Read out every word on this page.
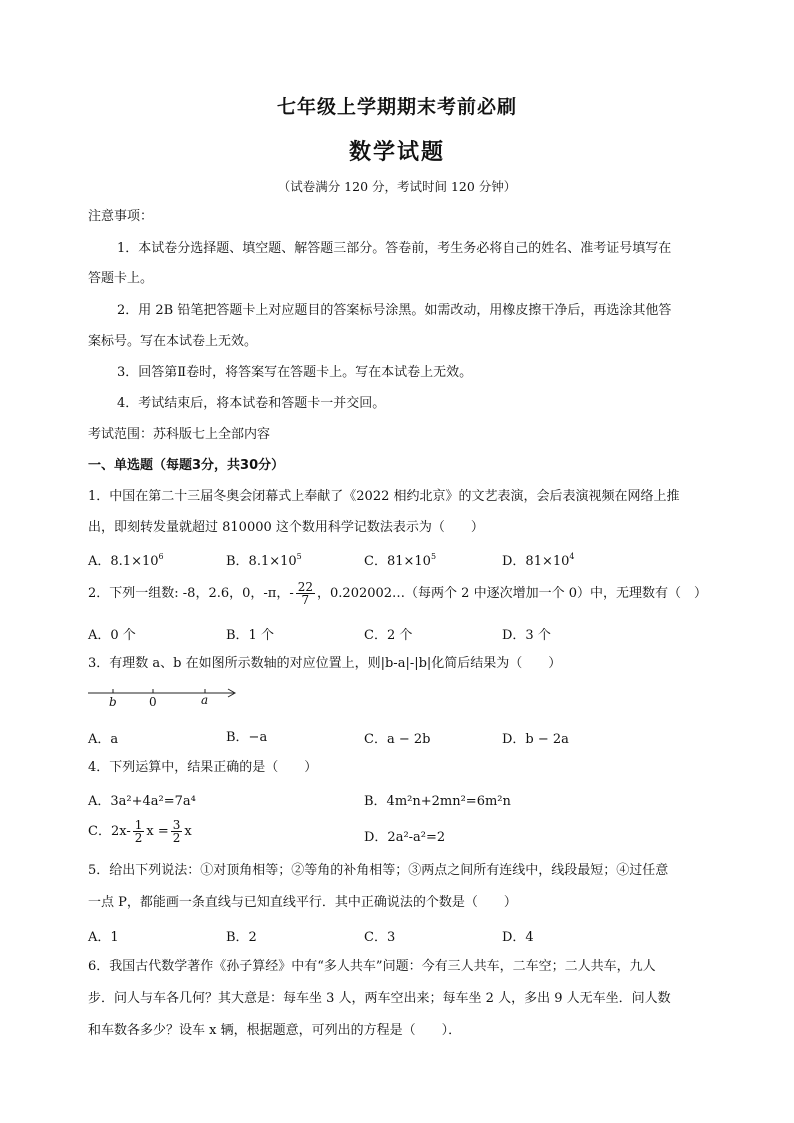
七年级上学期期末考前必刷
数学试题
（试卷满分 120 分，考试时间 120 分钟）
注意事项：
1．本试卷分选择题、填空题、解答题三部分。答卷前，考生务必将自己的姓名、准考证号填写在
答题卡上。
2．用 2B 铅笔把答题卡上对应题目的答案标号涂黑。如需改动，用橡皮擦干净后，再选涂其他答
案标号。写在本试卷上无效。
3．回答第Ⅱ卷时，将答案写在答题卡上。写在本试卷上无效。
4．考试结束后，将本试卷和答题卡一并交回。
考试范围：苏科版七上全部内容
一、单选题（每题3分，共30分）
1．中国在第二十三届冬奥会闭幕式上奉献了《2022 相约北京》的文艺表演，会后表演视频在网络上推
出，即刻转发量就超过 810000 这个数用科学记数法表示为（　　）
A．$8.1\times 10^6$	B．$8.1\times 10^5$	C．$81\times 10^5$	D．$81\times 10^4$
2．下列一组数: -8，2.6，0，-π，- $\frac{22}{7}$ ，0.202002…（每两个 2 中逐次增加一个 0）中，无理数有（　）
A．0 个	B．1 个	C．2 个	D．3 个
3．有理数 a、b 在如图所示数轴的对应位置上，则|b-a|-|b|化简后结果为（　　）
b	0	a
A．a	B．−a	C．a − 2b	D．b − 2a
4．下列运算中，结果正确的是（　　）
A．3a²+4a²=7a⁴	B．4m²n+2mn²=6m²n
C．$2x- \frac{1}{2}$ $x = \frac{3}{2}$ x	D．2a²-a²=2
5．给出下列说法：①对顶角相等；②等角的补角相等；③两点之间所有连线中，线段最短；④过任意
一点 P，都能画一条直线与已知直线平行．其中正确说法的个数是（　　）
A．1	B．2	C．3	D．4
6．我国古代数学著作《孙子算经》中有“多人共车”问题：今有三人共车，二车空；二人共车，九人
步．问人与车各几何？其大意是：每车坐 3 人，两车空出来；每车坐 2 人，多出 9 人无车坐．问人数
和车数各多少？设车 x 辆，根据题意，可列出的方程是（　　）．
